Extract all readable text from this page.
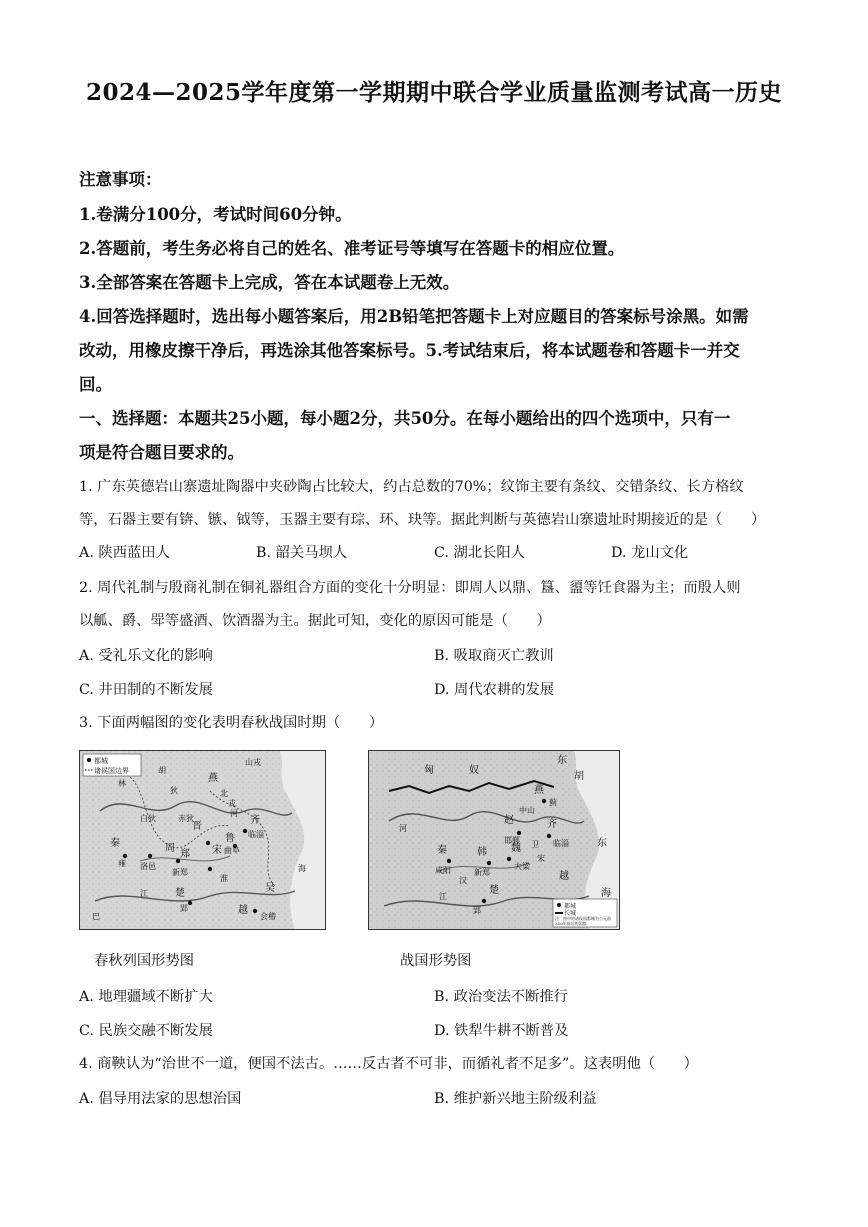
2024—2025学年度第一学期期中联合学业质量监测考试高一历史
注意事项：
1.卷满分100分，考试时间60分钟。
2.答题前，考生务必将自己的姓名、准考证号等填写在答题卡的相应位置。
3.全部答案在答题卡上完成，答在本试题卷上无效。
4.回答选择题时，选出每小题答案后，用2B铅笔把答题卡上对应题目的答案标号涂黑。如需
改动，用橡皮擦干净后，再选涂其他答案标号。5.考试结束后，将本试题卷和答题卡一并交
回。
一、选择题：本题共25小题，每小题2分，共50分。在每小题给出的四个选项中，只有一
项是符合题目要求的。
1. 广东英德岩山寨遗址陶器中夹砂陶占比较大，约占总数的70%；纹饰主要有条纹、交错条纹、长方格纹
等，石器主要有锛、镞、钺等，玉器主要有琮、环、玦等。据此判断与英德岩山寨遗址时期接近的是（　　）
A. 陕西蓝田人	B. 韶关马坝人	C. 湖北长阳人	D. 龙山文化
2. 周代礼制与殷商礼制在铜礼器组合方面的变化十分明显：即周人以鼎、簋、盨等饪食器为主；而殷人则
以觚、爵、斝等盛酒、饮酒器为主。据此可知，变化的原因可能是（　　）
A. 受礼乐文化的影响	B. 吸取商灭亡教训
C. 井田制的不断发展	D. 周代农耕的发展
3. 下面两幅图的变化表明春秋战国时期（　　）
都城
诸侯国边界
林
胡
狄
燕
北
戎
秦	周
雍 洛邑
郑
新郑
宋
晋
齐
临淄
鲁
曲阜
楚
郢
吴
越
会稽
巴
山戎
海
河
江
淮
赤狄
白狄
匈	奴
东
胡
燕
蓟
赵
邯郸
齐
临淄
魏
大梁
韩
新郑
秦
咸阳
楚
郢
越
东
海
宋
卫
中山
河
江
汉
都城
长城
注：图中的诸侯国都城为公元前350年前后的国都
春秋列国形势图	战国形势图
A. 地理疆域不断扩大	B. 政治变法不断推行
C. 民族交融不断发展	D. 铁犁牛耕不断普及
4. 商鞅认为“治世不一道，便国不法古。……反古者不可非，而循礼者不足多”。这表明他（　　）
A. 倡导用法家的思想治国	B. 维护新兴地主阶级利益
